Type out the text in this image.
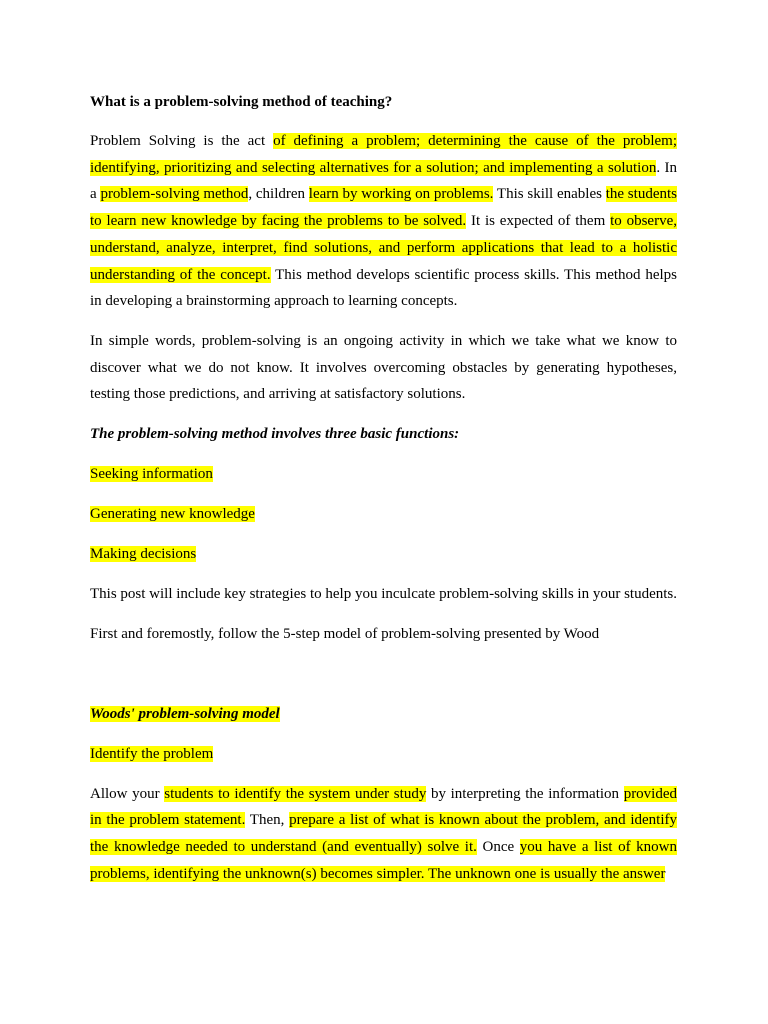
What is a problem-solving method of teaching?

Problem Solving is the act of defining a problem; determining the cause of the problem; identifying, prioritizing and selecting alternatives for a solution; and implementing a solution. In a problem-solving method, children learn by working on problems. This skill enables the students to learn new knowledge by facing the problems to be solved. It is expected of them to observe, understand, analyze, interpret, find solutions, and perform applications that lead to a holistic understanding of the concept. This method develops scientific process skills. This method helps in developing a brainstorming approach to learning concepts.

In simple words, problem-solving is an ongoing activity in which we take what we know to discover what we do not know. It involves overcoming obstacles by generating hypotheses, testing those predictions, and arriving at satisfactory solutions.

The problem-solving method involves three basic functions:

Seeking information

Generating new knowledge

Making decisions

This post will include key strategies to help you inculcate problem-solving skills in your students.

First and foremostly, follow the 5-step model of problem-solving presented by Wood

Woods' problem-solving model

Identify the problem

Allow your students to identify the system under study by interpreting the information provided in the problem statement. Then, prepare a list of what is known about the problem, and identify the knowledge needed to understand (and eventually) solve it. Once you have a list of known problems, identifying the unknown(s) becomes simpler. The unknown one is usually the answer
